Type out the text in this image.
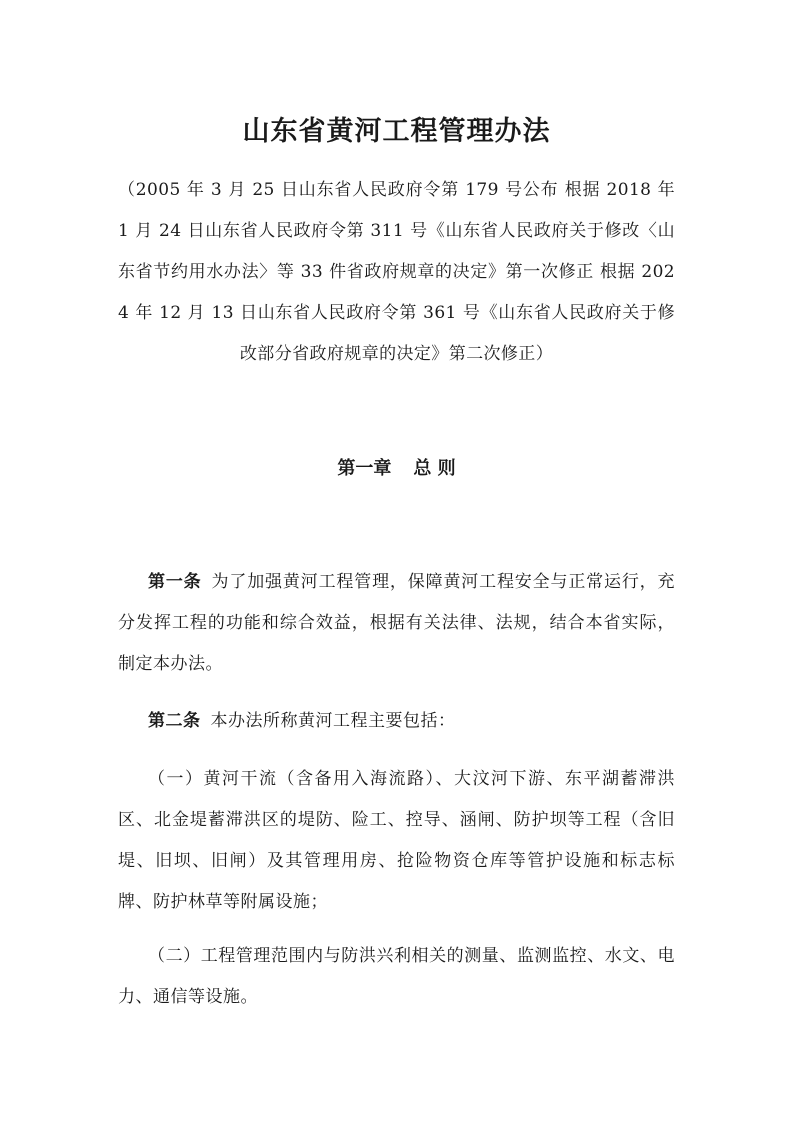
山东省黄河工程管理办法

（2005 年 3 月 25 日山东省人民政府令第 179 号公布 根据 2018 年 1 月 24 日山东省人民政府令第 311 号《山东省人民政府关于修改〈山东省节约用水办法〉等 33 件省政府规章的决定》第一次修正 根据 2024 年 12 月 13 日山东省人民政府令第 361 号《山东省人民政府关于修改部分省政府规章的决定》第二次修正）

第一章 总 则

第一条 为了加强黄河工程管理，保障黄河工程安全与正常运行，充分发挥工程的功能和综合效益，根据有关法律、法规，结合本省实际，制定本办法。

第二条 本办法所称黄河工程主要包括：

（一）黄河干流（含备用入海流路）、大汶河下游、东平湖蓄滞洪区、北金堤蓄滞洪区的堤防、险工、控导、涵闸、防护坝等工程（含旧堤、旧坝、旧闸）及其管理用房、抢险物资仓库等管护设施和标志标牌、防护林草等附属设施；

（二）工程管理范围内与防洪兴利相关的测量、监测监控、水文、电力、通信等设施。
